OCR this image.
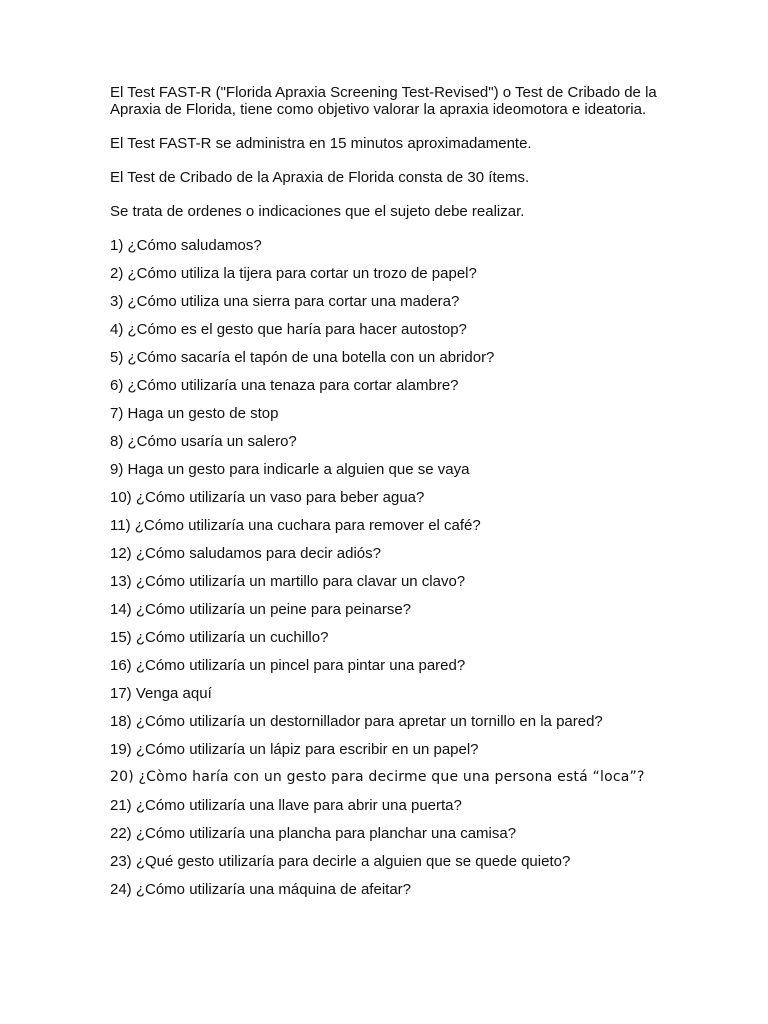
El Test FAST-R ("Florida Apraxia Screening Test-Revised") o Test de Cribado de la Apraxia de Florida, tiene como objetivo valorar la apraxia ideomotora e ideatoria.

El Test FAST-R se administra en 15 minutos aproximadamente.

El Test de Cribado de la Apraxia de Florida consta de 30 ítems.

Se trata de ordenes o indicaciones que el sujeto debe realizar.

1) ¿Cómo saludamos?
2) ¿Cómo utiliza la tijera para cortar un trozo de papel?
3) ¿Cómo utiliza una sierra para cortar una madera?
4) ¿Cómo es el gesto que haría para hacer autostop?
5) ¿Cómo sacaría el tapón de una botella con un abridor?
6) ¿Cómo utilizaría una tenaza para cortar alambre?
7) Haga un gesto de stop
8) ¿Cómo usaría un salero?
9) Haga un gesto para indicarle a alguien que se vaya
10) ¿Cómo utilizaría un vaso para beber agua?
11) ¿Cómo utilizaría una cuchara para remover el café?
12) ¿Cómo saludamos para decir adiós?
13) ¿Cómo utilizaría un martillo para clavar un clavo?
14) ¿Cómo utilizaría un peine para peinarse?
15) ¿Cómo utilizaría un cuchillo?
16) ¿Cómo utilizaría un pincel para pintar una pared?
17) Venga aquí
18) ¿Cómo utilizaría un destornillador para apretar un tornillo en la pared?
19) ¿Cómo utilizaría un lápiz para escribir en un papel?
20) ¿Còmo haría con un gesto para decirme que una persona está “loca”?
21) ¿Cómo utilizaría una llave para abrir una puerta?
22) ¿Cómo utilizaría una plancha para planchar una camisa?
23) ¿Qué gesto utilizaría para decirle a alguien que se quede quieto?
24) ¿Cómo utilizaría una máquina de afeitar?
